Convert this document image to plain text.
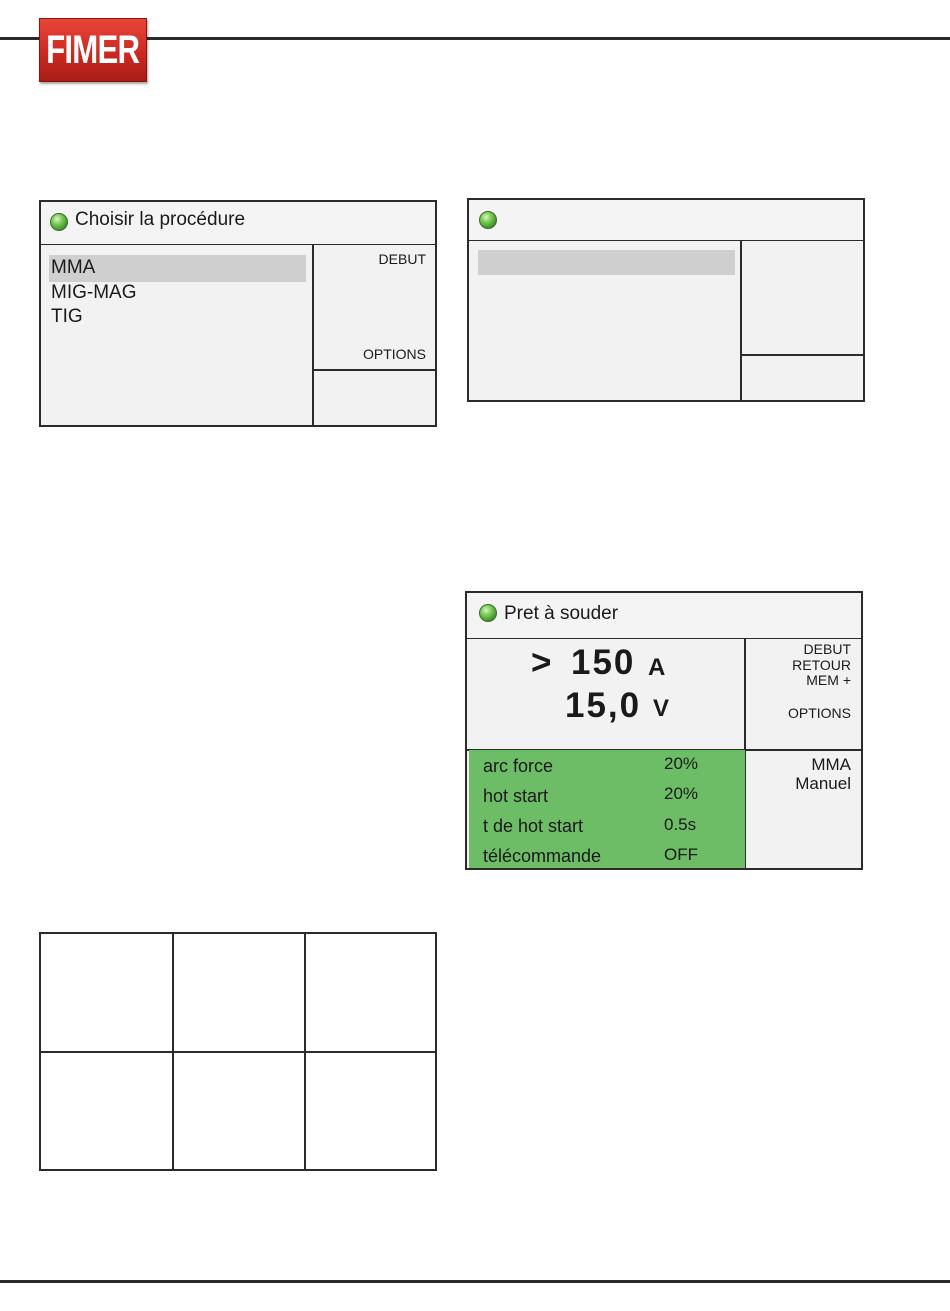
FIMER
Choisir la procédure
MMA
MIG-MAG
TIG
DEBUT
OPTIONS
Pret à souder
> 150 A
15,0 V
DEBUT
RETOUR
MEM +
OPTIONS
MMA
Manuel
arc force	20%
hot start	20%
t de hot start	0.5s
télécommande	OFF
